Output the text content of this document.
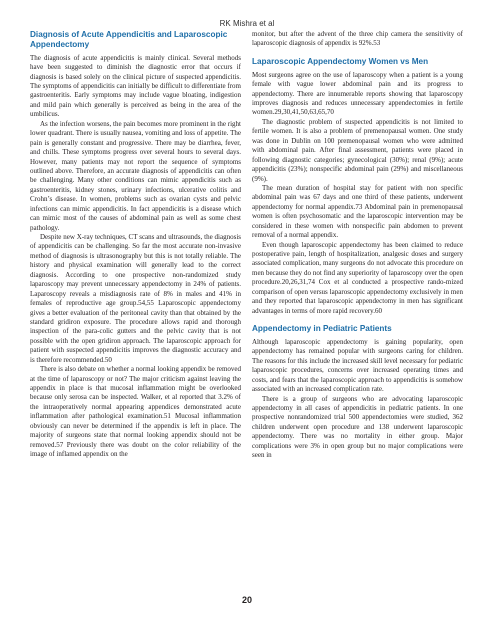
RK Mishra et al
Diagnosis of Acute Appendicitis and Laparoscopic Appendectomy

The diagnosis of acute appendicitis is mainly clinical. Several methods have been suggested to diminish the diagnostic error that occurs if diagnosis is based solely on the clinical picture of suspected appendicitis. The symptoms of appendicitis can initially be difficult to differentiate from gastroenteritis. Early symptoms may include vague bloating, indigestion and mild pain which generally is perceived as being in the area of the umbilicus.

As the infection worsens, the pain becomes more prominent in the right lower quadrant. There is usually nausea, vomiting and loss of appetite. The pain is generally constant and progressive. There may be diarrhea, fever, and chills. These symptoms progress over several hours to several days. However, many patients may not report the sequence of symptoms outlined above. Therefore, an accurate diagnosis of appendicitis can often be challenging. Many other conditions can mimic appendicitis such as gastroenteritis, kidney stones, urinary infections, ulcerative colitis and Crohn’s disease. In women, problems such as ovarian cysts and pelvic infections can mimic appendicitis. In fact appendicitis is a disease which can mimic most of the causes of abdominal pain as well as some chest pathology.

Despite new X-ray techniques, CT scans and ultrasounds, the diagnosis of appendicitis can be challenging. So far the most accurate non-invasive method of diagnosis is ultrasonography but this is not totally reliable. The history and physical examination will generally lead to the correct diagnosis. According to one prospective non-randomized study laparoscopy may prevent unnecessary appendectomy in 24% of patients. Laparoscopy reveals a misdiagnosis rate of 8% in males and 41% in females of reproductive age group.54,55 Laparoscopic appendectomy gives a better evaluation of the peritoneal cavity than that obtained by the standard gridiron exposure. The procedure allows rapid and thorough inspection of the para-colic gutters and the pelvic cavity that is not possible with the open gridiron approach. The laparoscopic approach for patient with suspected appendicitis improves the diagnostic accuracy and is therefore recommended.50

There is also debate on whether a normal looking appendix be removed at the time of laparoscopy or not? The major criticism against leaving the appendix in place is that mucosal inflammation might be overlooked because only serosa can be inspected. Walker, et al reported that 3.2% of the intraoperatively normal appearing appendices demonstrated acute inflammation after pathological examination.51 Mucosal inflammation obviously can never be determined if the appendix is left in place. The majority of surgeons state that normal looking appendix should not be removed.57 Previously there was doubt on the color reliability of the image of inflamed appendix on the

monitor, but after the advent of the three chip camera the sensitivity of laparoscopic diagnosis of appendix is 92%.53

Laparoscopic Appendectomy Women vs Men

Most surgeons agree on the use of laparoscopy when a patient is a young female with vague lower abdominal pain and its progress to appendectomy. There are innumerable reports showing that laparoscopy improves diagnosis and reduces unnecessary appendectomies in fertile women.29,30,41,50,63,65,70

The diagnostic problem of suspected appendicitis is not limited to fertile women. It is also a problem of premenopausal women. One study was done in Dublin on 100 premenopausal women who were admitted with abdominal pain. After final assessment, patients were placed in following diagnostic categories; gynecological (30%); renal (9%); acute appendicitis (23%); nonspecific abdominal pain (29%) and miscellaneous (9%).

The mean duration of hospital stay for patient with non specific abdominal pain was 67 days and one third of these patients, underwent appendectomy for normal appendix.73 Abdominal pain in premenopausal women is often psychosomatic and the laparoscopic intervention may be considered in these women with nonspecific pain abdomen to prevent removal of a normal appendix.

Even though laparoscopic appendectomy has been claimed to reduce postoperative pain, length of hospitalization, analgesic doses and surgery associated complication, many surgeons do not advocate this procedure on men because they do not find any superiority of laparoscopy over the open procedure.20,26,31,74 Cox et al conducted a prospective rando-mized comparison of open versus laparoscopic appendectomy exclusively in men and they reported that laparoscopic appendectomy in men has significant advantages in terms of more rapid recovery.60

Appendectomy in Pediatric Patients

Although laparoscopic appendectomy is gaining popularity, open appendectomy has remained popular with surgeons caring for children. The reasons for this include the increased skill level necessary for pediatric laparoscopic procedures, concerns over increased operating times and costs, and fears that the laparoscopic approach to appendicitis is somehow associated with an increased complication rate.

There is a group of surgeons who are advocating laparoscopic appendectomy in all cases of appendicitis in pediatric patients. In one prospective nonrandomized trial 500 appendectomies were studied, 362 children underwent open procedure and 138 underwent laparoscopic appendectomy. There was no mortality in either group. Major complications were 3% in open group but no major complications were seen in

20
